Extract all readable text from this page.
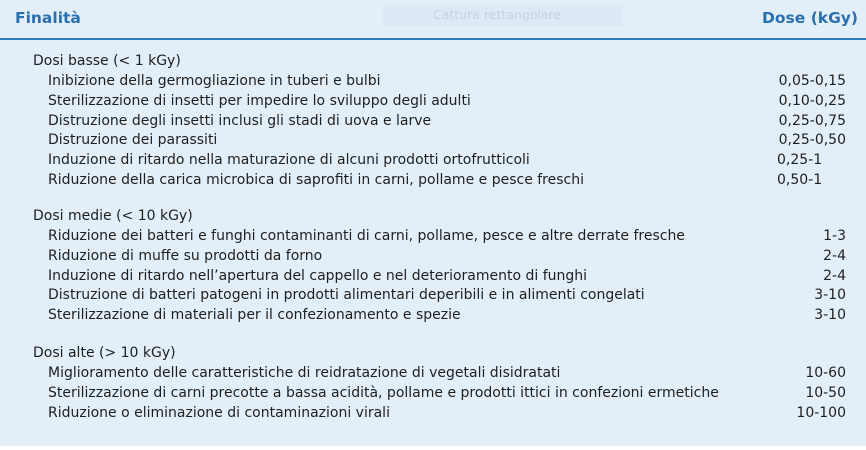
Finalità	Cattura rettangolare	Dose (kGy)
Dosi basse (< 1 kGy)
Inibizione della germogliazione in tuberi e bulbi	0,05-0,15
Sterilizzazione di insetti per impedire lo sviluppo degli adulti	0,10-0,25
Distruzione degli insetti inclusi gli stadi di uova e larve	0,25-0,75
Distruzione dei parassiti	0,25-0,50
Induzione di ritardo nella maturazione di alcuni prodotti ortofrutticoli	0,25-1
Riduzione della carica microbica di saprofiti in carni, pollame e pesce freschi	0,50-1
Dosi medie (< 10 kGy)
Riduzione dei batteri e funghi contaminanti di carni, pollame, pesce e altre derrate fresche	1-3
Riduzione di muffe su prodotti da forno	2-4
Induzione di ritardo nell’apertura del cappello e nel deterioramento di funghi	2-4
Distruzione di batteri patogeni in prodotti alimentari deperibili e in alimenti congelati	3-10
Sterilizzazione di materiali per il confezionamento e spezie	3-10
Dosi alte (> 10 kGy)
Miglioramento delle caratteristiche di reidratazione di vegetali disidratati	10-60
Sterilizzazione di carni precotte a bassa acidità, pollame e prodotti ittici in confezioni ermetiche	10-50
Riduzione o eliminazione di contaminazioni virali	10-100
